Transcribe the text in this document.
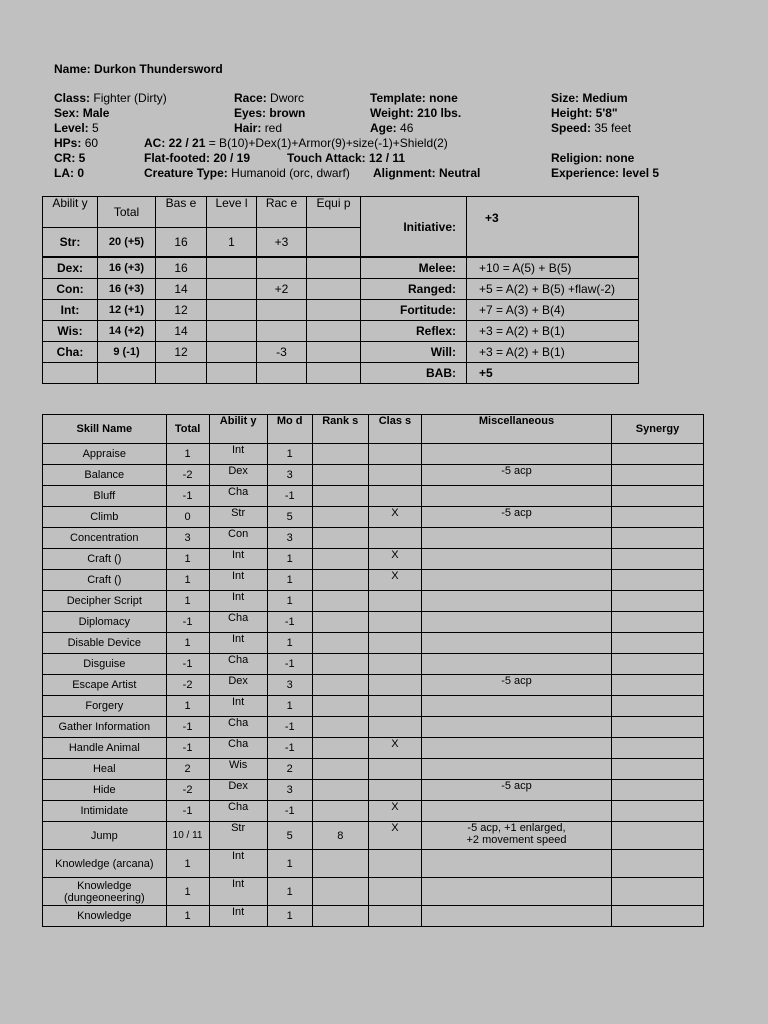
Name: Durkon Thundersword
Class: Fighter (Dirty)
Sex: Male
Level: 5
HPs: 60
CR: 5
LA: 0
Race: Dworc
Eyes: brown
Hair: red
Template: none
Weight: 210 lbs.
Age: 46
Size: Medium
Height: 5'8"
Speed: 35 feet
AC: 22 / 21 = B(10)+Dex(1)+Armor(9)+size(-1)+Shield(2)
Flat-footed: 20 / 19	Touch Attack: 12 / 11
Creature Type: Humanoid (orc, dwarf) Alignment: Neutral
Religion: none
Experience: level 5
Abilit y	Total	Bas e	Leve l	Rac e	Equi p	Initiative:	+3
Str:	20 (+5)	16	1	+3			
Dex:	16 (+3)	16				Melee:	+10 = A(5) + B(5)
Con:	16 (+3)	14		+2		Ranged:	+5 = A(2) + B(5) +flaw(-2)
Int:	12 (+1)	12				Fortitude:	+7 = A(3) + B(4)
Wis:	14 (+2)	14				Reflex:	+3 = A(2) + B(1)
Cha:	9 (-1)	12		-3		Will:	+3 = A(2) + B(1)
						BAB:	+5
Skill Name	Total	Abilit y	Mo d	Rank s	Clas s	Miscellaneous	Synergy
Appraise	1	Int	1				
Balance	-2	Dex	3			-5 acp	
Bluff	-1	Cha	-1				
Climb	0	Str	5		X	-5 acp	
Concentration	3	Con	3				
Craft ()	1	Int	1		X		
Craft ()	1	Int	1		X		
Decipher Script	1	Int	1				
Diplomacy	-1	Cha	-1				
Disable Device	1	Int	1				
Disguise	-1	Cha	-1				
Escape Artist	-2	Dex	3			-5 acp	
Forgery	1	Int	1				
Gather Information	-1	Cha	-1				
Handle Animal	-1	Cha	-1		X		
Heal	2	Wis	2				
Hide	-2	Dex	3			-5 acp	
Intimidate	-1	Cha	-1		X		
Jump	10 / 11	Str	5	8	X	-5 acp, +1 enlarged,
+2 movement speed	
Knowledge (arcana)	1	Int	1				
Knowledge (dungeoneering)	1	Int	1				
Knowledge	1	Int	1				
